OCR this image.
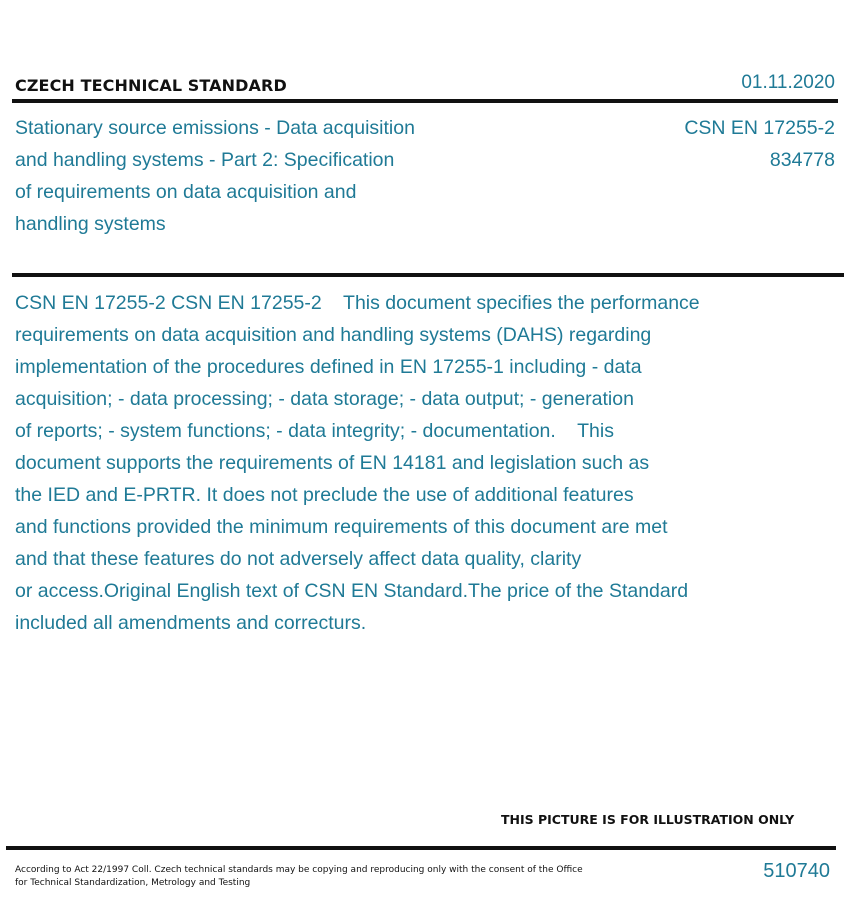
CZECH TECHNICAL STANDARD	01.11.2020
Stationary source emissions - Data acquisition
and handling systems - Part 2: Specification
of requirements on data acquisition and
handling systems
CSN EN 17255-2
834778
CSN EN 17255-2 CSN EN 17255-2    This document specifies the performance
requirements on data acquisition and handling systems (DAHS) regarding
implementation of the procedures defined in EN 17255-1 including - data
acquisition; - data processing; - data storage; - data output; - generation
of reports; - system functions; - data integrity; - documentation.    This
document supports the requirements of EN 14181 and legislation such as
the IED and E-PRTR. It does not preclude the use of additional features
and functions provided the minimum requirements of this document are met
and that these features do not adversely affect data quality, clarity
or access.Original English text of CSN EN Standard.The price of the Standard
included all amendments and correcturs.
THIS PICTURE IS FOR ILLUSTRATION ONLY
According to Act 22/1997 Coll. Czech technical standards may be copying and reproducing only with the consent of the Office
for Technical Standardization, Metrology and Testing
510740
